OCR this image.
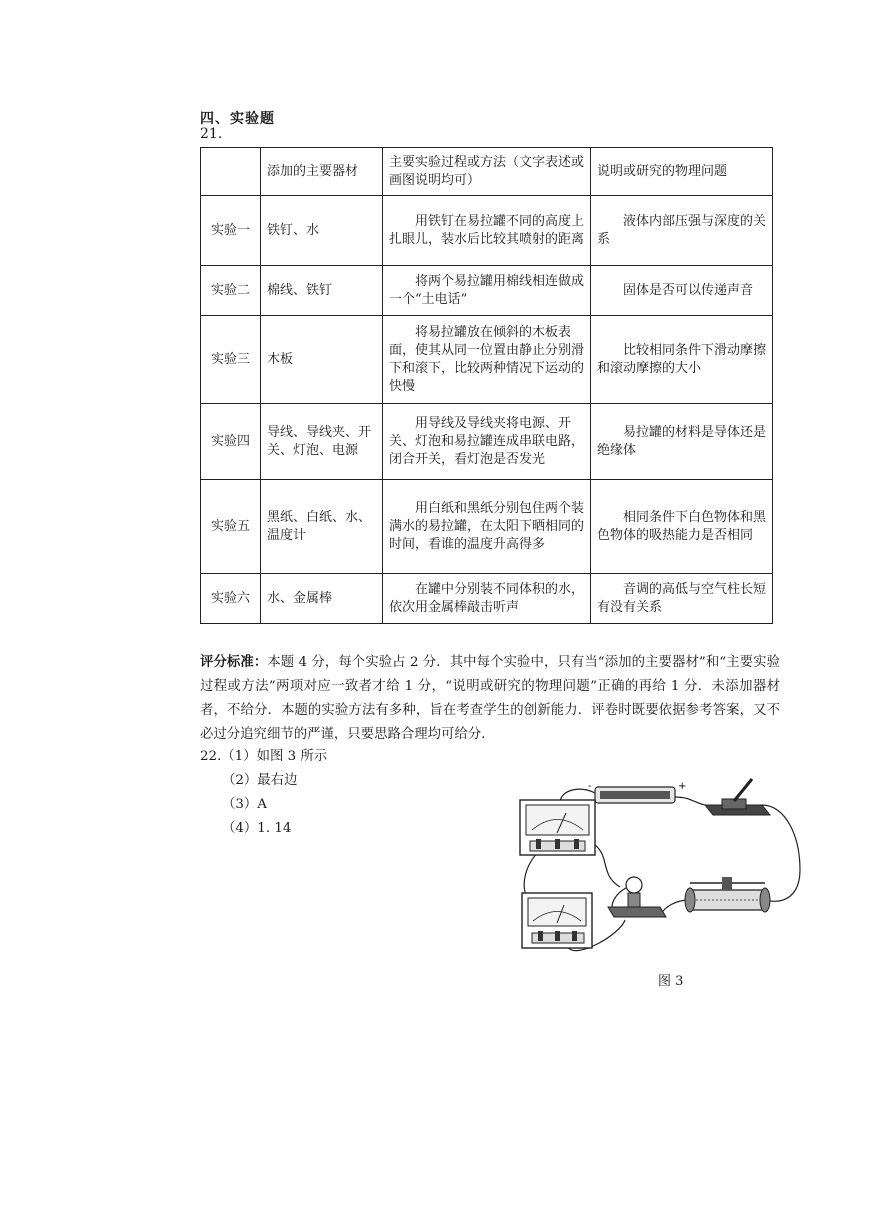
四、实验题
21.
	添加的主要器材	主要实验过程或方法（文字表述或画图说明均可）	说明或研究的物理问题
实验一	铁钉、水	用铁钉在易拉罐不同的高度上扎眼儿，装水后比较其喷射的距离	液体内部压强与深度的关系
实验二	棉线、铁钉	将两个易拉罐用棉线相连做成一个“土电话”	固体是否可以传递声音
实验三	木板	将易拉罐放在倾斜的木板表面，使其从同一位置由静止分别滑下和滚下，比较两种情况下运动的快慢	比较相同条件下滑动摩擦和滚动摩擦的大小
实验四	导线、导线夹、开关、灯泡、电源	用导线及导线夹将电源、开关、灯泡和易拉罐连成串联电路，闭合开关，看灯泡是否发光	易拉罐的材料是导体还是绝缘体
实验五	黑纸、白纸、水、温度计	用白纸和黑纸分别包住两个装满水的易拉罐，在太阳下晒相同的时间，看谁的温度升高得多	相同条件下白色物体和黑色物体的吸热能力是否相同
实验六	水、金属棒	在罐中分别装不同体积的水，依次用金属棒敲击听声	音调的高低与空气柱长短有没有关系
评分标准：本题 4 分，每个实验占 2 分．其中每个实验中，只有当“添加的主要器材”和“主要实验过程或方法”两项对应一致者才给 1 分，“说明或研究的物理问题”正确的再给 1 分．未添加器材者，不给分．本题的实验方法有多种，旨在考查学生的创新能力．评卷时既要依据参考答案，又不必过分追究细节的严谨，只要思路合理均可给分．
22.（1）如图 3 所示
（2）最右边
（3）A
（4）1. 14
+
-
图 3
